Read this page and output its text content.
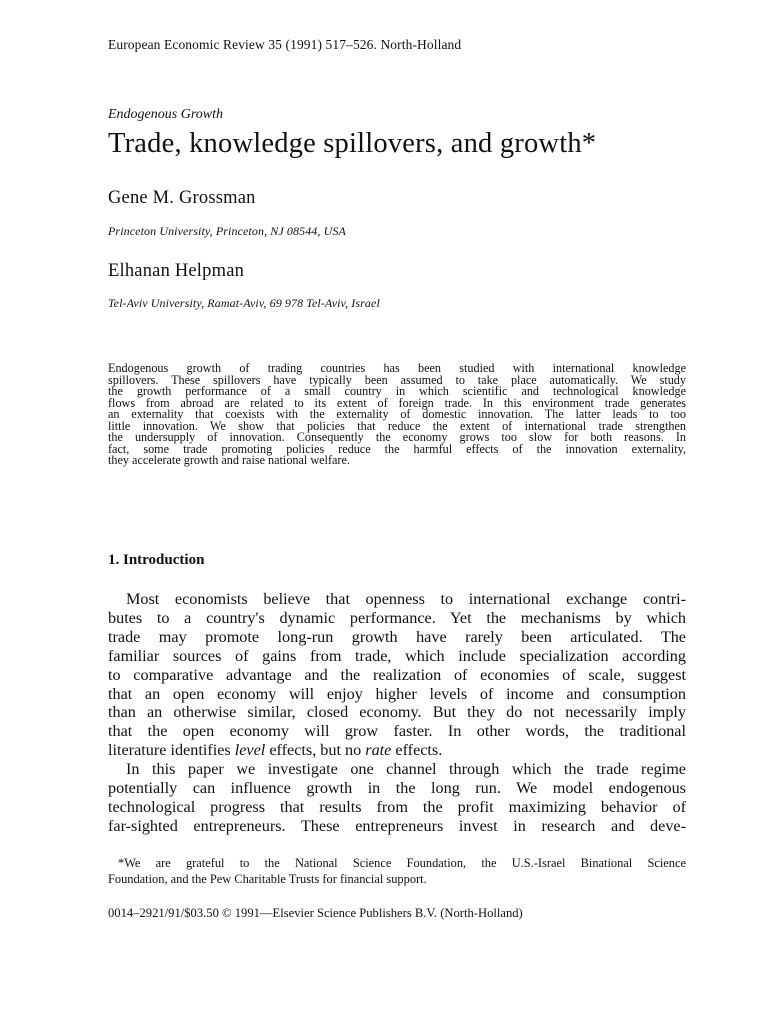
European Economic Review 35 (1991) 517–526. North-Holland
Endogenous Growth
Trade, knowledge spillovers, and growth*
Gene M. Grossman
Princeton University, Princeton, NJ 08544, USA
Elhanan Helpman
Tel-Aviv University, Ramat-Aviv, 69 978 Tel-Aviv, Israel
Endogenous growth of trading countries has been studied with international knowledge
spillovers. These spillovers have typically been assumed to take place automatically. We study
the growth performance of a small country in which scientific and technological knowledge
flows from abroad are related to its extent of foreign trade. In this environment trade generates
an externality that coexists with the externality of domestic innovation. The latter leads to too
little innovation. We show that policies that reduce the extent of international trade strengthen
the undersupply of innovation. Consequently the economy grows too slow for both reasons. In
fact, some trade promoting policies reduce the harmful effects of the innovation externality,
they accelerate growth and raise national welfare.
1. Introduction
Most economists believe that openness to international exchange contri-
butes to a country's dynamic performance. Yet the mechanisms by which
trade may promote long-run growth have rarely been articulated. The
familiar sources of gains from trade, which include specialization according
to comparative advantage and the realization of economies of scale, suggest
that an open economy will enjoy higher levels of income and consumption
than an otherwise similar, closed economy. But they do not necessarily imply
that the open economy will grow faster. In other words, the traditional
literature identifies level effects, but no rate effects.
In this paper we investigate one channel through which the trade regime
potentially can influence growth in the long run. We model endogenous
technological progress that results from the profit maximizing behavior of
far-sighted entrepreneurs. These entrepreneurs invest in research and deve-
*We are grateful to the National Science Foundation, the U.S.-Israel Binational Science
Foundation, and the Pew Charitable Trusts for financial support.
0014–2921/91/$03.50 © 1991—Elsevier Science Publishers B.V. (North-Holland)
